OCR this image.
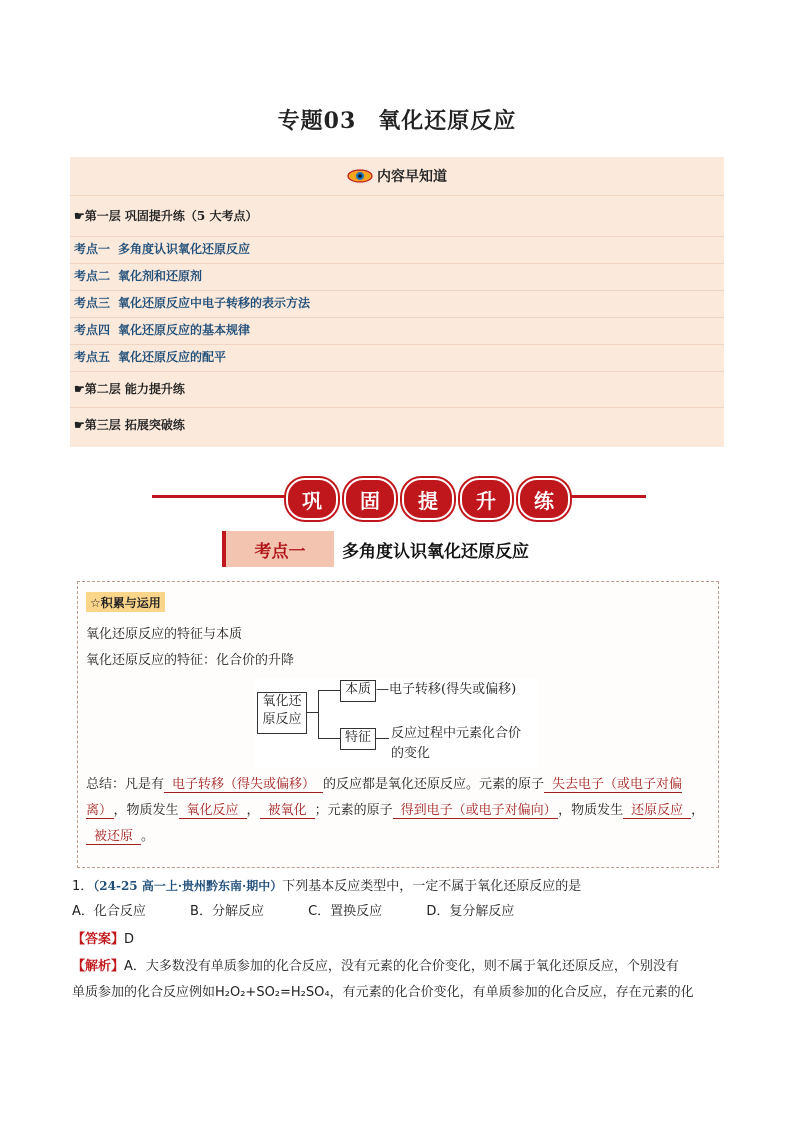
专题03 氧化还原反应
内容早知道
☛第一层 巩固提升练（5 大考点）
考点一 多角度认识氧化还原反应
考点二 氧化剂和还原剂
考点三 氧化还原反应中电子转移的表示方法
考点四 氧化还原反应的基本规律
考点五 氧化还原反应的配平
☛第二层 能力提升练
☛第三层 拓展突破练
巩	固	提	升	练
考点一	多角度认识氧化还原反应
☆积累与运用
氧化还原反应的特征与本质
氧化还原反应的特征：化合价的升降
氧化还
原反应
本质 —电子转移(得失或偏移)
特征	反应过程中元素化合价
的变化
总结：凡是有 电子转移（得失或偏移） 的反应都是氧化还原反应。元素的原子 失去电子（或电子对偏离） ，物质发生 氧化反应 ， 被氧化 ；元素的原子 得到电子（或电子对偏向） ，物质发生 还原反应 ，被还原 。
1．（24-25 高一上·贵州黔东南·期中）下列基本反应类型中，一定不属于氧化还原反应的是
A．化合反应	B．分解反应	C．置换反应	D．复分解反应
【答案】D
【解析】A．大多数没有单质参加的化合反应，没有元素的化合价变化，则不属于氧化还原反应，个别没有
单质参加的化合反应例如H₂O₂+SO₂=H₂SO₄，有元素的化合价变化，有单质参加的化合反应，存在元素的化
